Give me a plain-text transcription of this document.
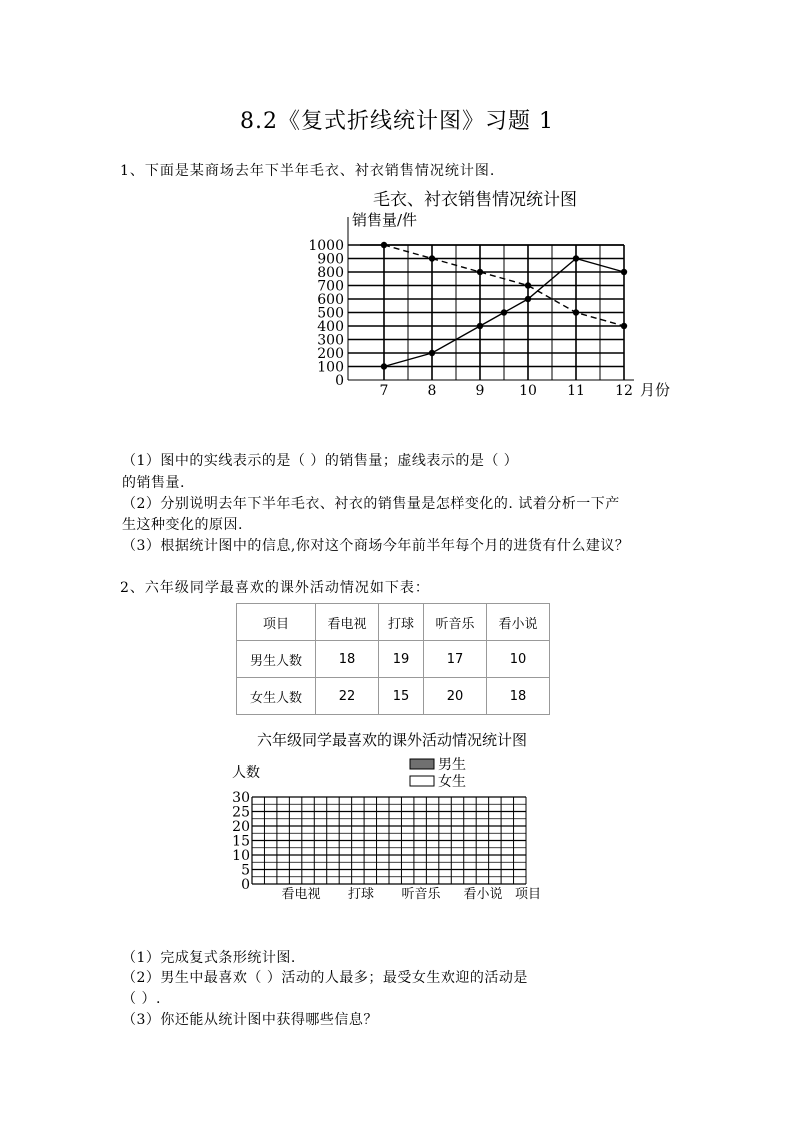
8.2《复式折线统计图》习题 1
1、下面是某商场去年下半年毛衣、衬衣销售情况统计图.
毛衣、衬衣销售情况统计图
销售量/件
1000
900
800
700
600
500
400
300
200
100
0
7	8	9 10 11 12 月份
（1）图中的实线表示的是（ ）的销售量；虚线表示的是（ ）
的销售量.
（2）分别说明去年下半年毛衣、衬衣的销售量是怎样变化的. 试着分析一下产
生这种变化的原因.
（3）根据统计图中的信息,你对这个商场今年前半年每个月的进货有什么建议？
2、六年级同学最喜欢的课外活动情况如下表：
项目	看电视	打球	听音乐	看小说
男生人数	18	19	17	10
女生人数	22	15	20	18
六年级同学最喜欢的课外活动情况统计图
人数	男生
女生
30
25
20
15
10
5
0
看电视 打球 听音乐 看小说 项目
（1）完成复式条形统计图.
（2）男生中最喜欢（ ）活动的人最多；最受女生欢迎的活动是
（ ）.
（3）你还能从统计图中获得哪些信息？
